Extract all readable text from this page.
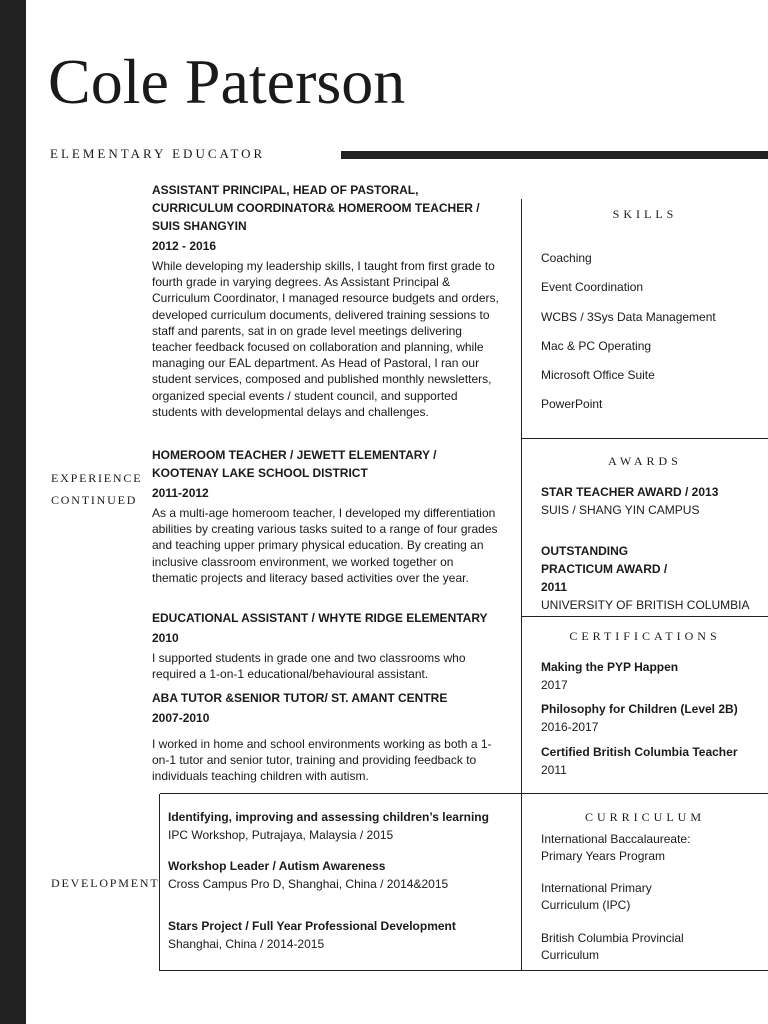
Cole Paterson
ELEMENTARY EDUCATOR
EXPERIENCE
CONTINUED
ASSISTANT PRINCIPAL, HEAD OF PASTORAL, CURRICULUM COORDINATOR& HOMEROOM TEACHER / SUIS SHANGYIN
2012 - 2016
While developing my leadership skills, I taught from first grade to fourth grade in varying degrees. As Assistant Principal & Curriculum Coordinator, I managed resource budgets and orders, developed curriculum documents, delivered training sessions to staff and parents, sat in on grade level meetings delivering teacher feedback focused on collaboration and planning, while managing our EAL department. As Head of Pastoral, I ran our student services, composed and published monthly newsletters, organized special events / student council, and supported students with developmental delays and challenges.
HOMEROOM TEACHER / JEWETT ELEMENTARY / KOOTENAY LAKE SCHOOL DISTRICT
2011-2012
As a multi-age homeroom teacher, I developed my differentiation abilities by creating various tasks suited to a range of four grades and teaching upper primary physical education. By creating an inclusive classroom environment, we worked together on thematic projects and literacy based activities over the year.
EDUCATIONAL ASSISTANT / WHYTE RIDGE ELEMENTARY
2010
I supported students in grade one and two classrooms who required a 1-on-1 educational/behavioural assistant.
ABA TUTOR &SENIOR TUTOR/ ST. AMANT CENTRE
2007-2010
I worked in home and school environments working as both a 1-on-1 tutor and senior tutor, training and providing feedback to individuals teaching children with autism.
DEVELOPMENT
Identifying, improving and assessing children’s learning
IPC Workshop, Putrajaya, Malaysia / 2015
Workshop Leader / Autism Awareness
Cross Campus Pro D, Shanghai, China / 2014&2015
Stars Project / Full Year Professional Development
Shanghai, China / 2014-2015
SKILLS
Coaching
Event Coordination
WCBS / 3Sys Data Management
Mac & PC Operating
Microsoft Office Suite
PowerPoint
AWARDS
STAR TEACHER AWARD / 2013
SUIS / SHANG YIN CAMPUS
OUTSTANDING PRACTICUM AWARD / 2011
UNIVERSITY OF BRITISH COLUMBIA
CERTIFICATIONS
Making the PYP Happen
2017
Philosophy for Children (Level 2B)
2016-2017
Certified British Columbia Teacher
2011
CURRICULUM
International Baccalaureate: Primary Years Program
International Primary Curriculum (IPC)
British Columbia Provincial Curriculum
